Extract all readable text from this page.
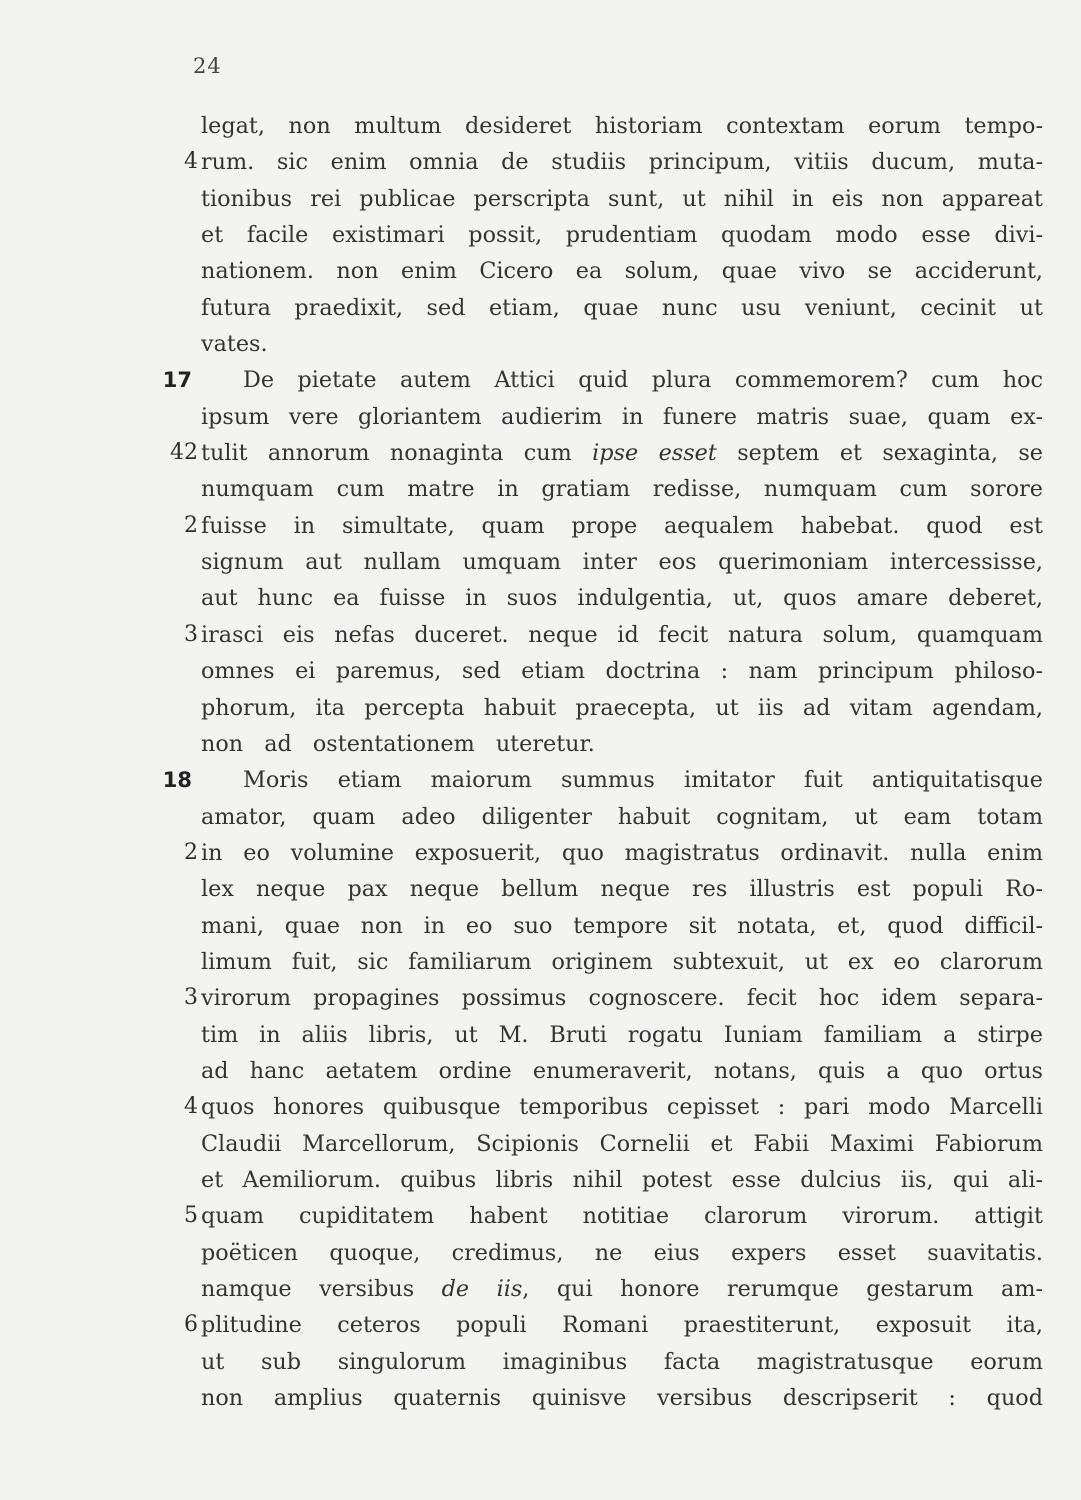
24
legat, non multum desideret historiam contextam eorum tempo-
4 rum. sic enim omnia de studiis principum, vitiis ducum, muta-
tionibus rei publicae perscripta sunt, ut nihil in eis non appareat
et facile existimari possit, prudentiam quodam modo esse divi-
nationem. non enim Cicero ea solum, quae vivo se acciderunt,
futura praedixit, sed etiam, quae nunc usu veniunt, cecinit ut
vates.
17 De pietate autem Attici quid plura commemorem? cum hoc
ipsum vere gloriantem audierim in funere matris suae, quam ex-
42 tulit annorum nonaginta cum ipse esset septem et sexaginta, se
numquam cum matre in gratiam redisse, numquam cum sorore
2 fuisse in simultate, quam prope aequalem habebat. quod est
signum aut nullam umquam inter eos querimoniam intercessisse,
aut hunc ea fuisse in suos indulgentia, ut, quos amare deberet,
3 irasci eis nefas duceret. neque id fecit natura solum, quamquam
omnes ei paremus, sed etiam doctrina : nam principum philoso-
phorum, ita percepta habuit praecepta, ut iis ad vitam agendam,
non ad ostentationem uteretur.
18 Moris etiam maiorum summus imitator fuit antiquitatisque
amator, quam adeo diligenter habuit cognitam, ut eam totam
2 in eo volumine exposuerit, quo magistratus ordinavit. nulla enim
lex neque pax neque bellum neque res illustris est populi Ro-
mani, quae non in eo suo tempore sit notata, et, quod difficil-
limum fuit, sic familiarum originem subtexuit, ut ex eo clarorum
3 virorum propagines possimus cognoscere. fecit hoc idem separa-
tim in aliis libris, ut M. Bruti rogatu Iuniam familiam a stirpe
ad hanc aetatem ordine enumeraverit, notans, quis a quo ortus
4 quos honores quibusque temporibus cepisset : pari modo Marcelli
Claudii Marcellorum, Scipionis Cornelii et Fabii Maximi Fabiorum
et Aemiliorum. quibus libris nihil potest esse dulcius iis, qui ali-
5 quam cupiditatem habent notitiae clarorum virorum. attigit
poëticen quoque, credimus, ne eius expers esset suavitatis.
namque versibus de iis, qui honore rerumque gestarum am-
6 plitudine ceteros populi Romani praestiterunt, exposuit ita,
ut sub singulorum imaginibus facta magistratusque eorum
non amplius quaternis quinisve versibus descripserit : quod
